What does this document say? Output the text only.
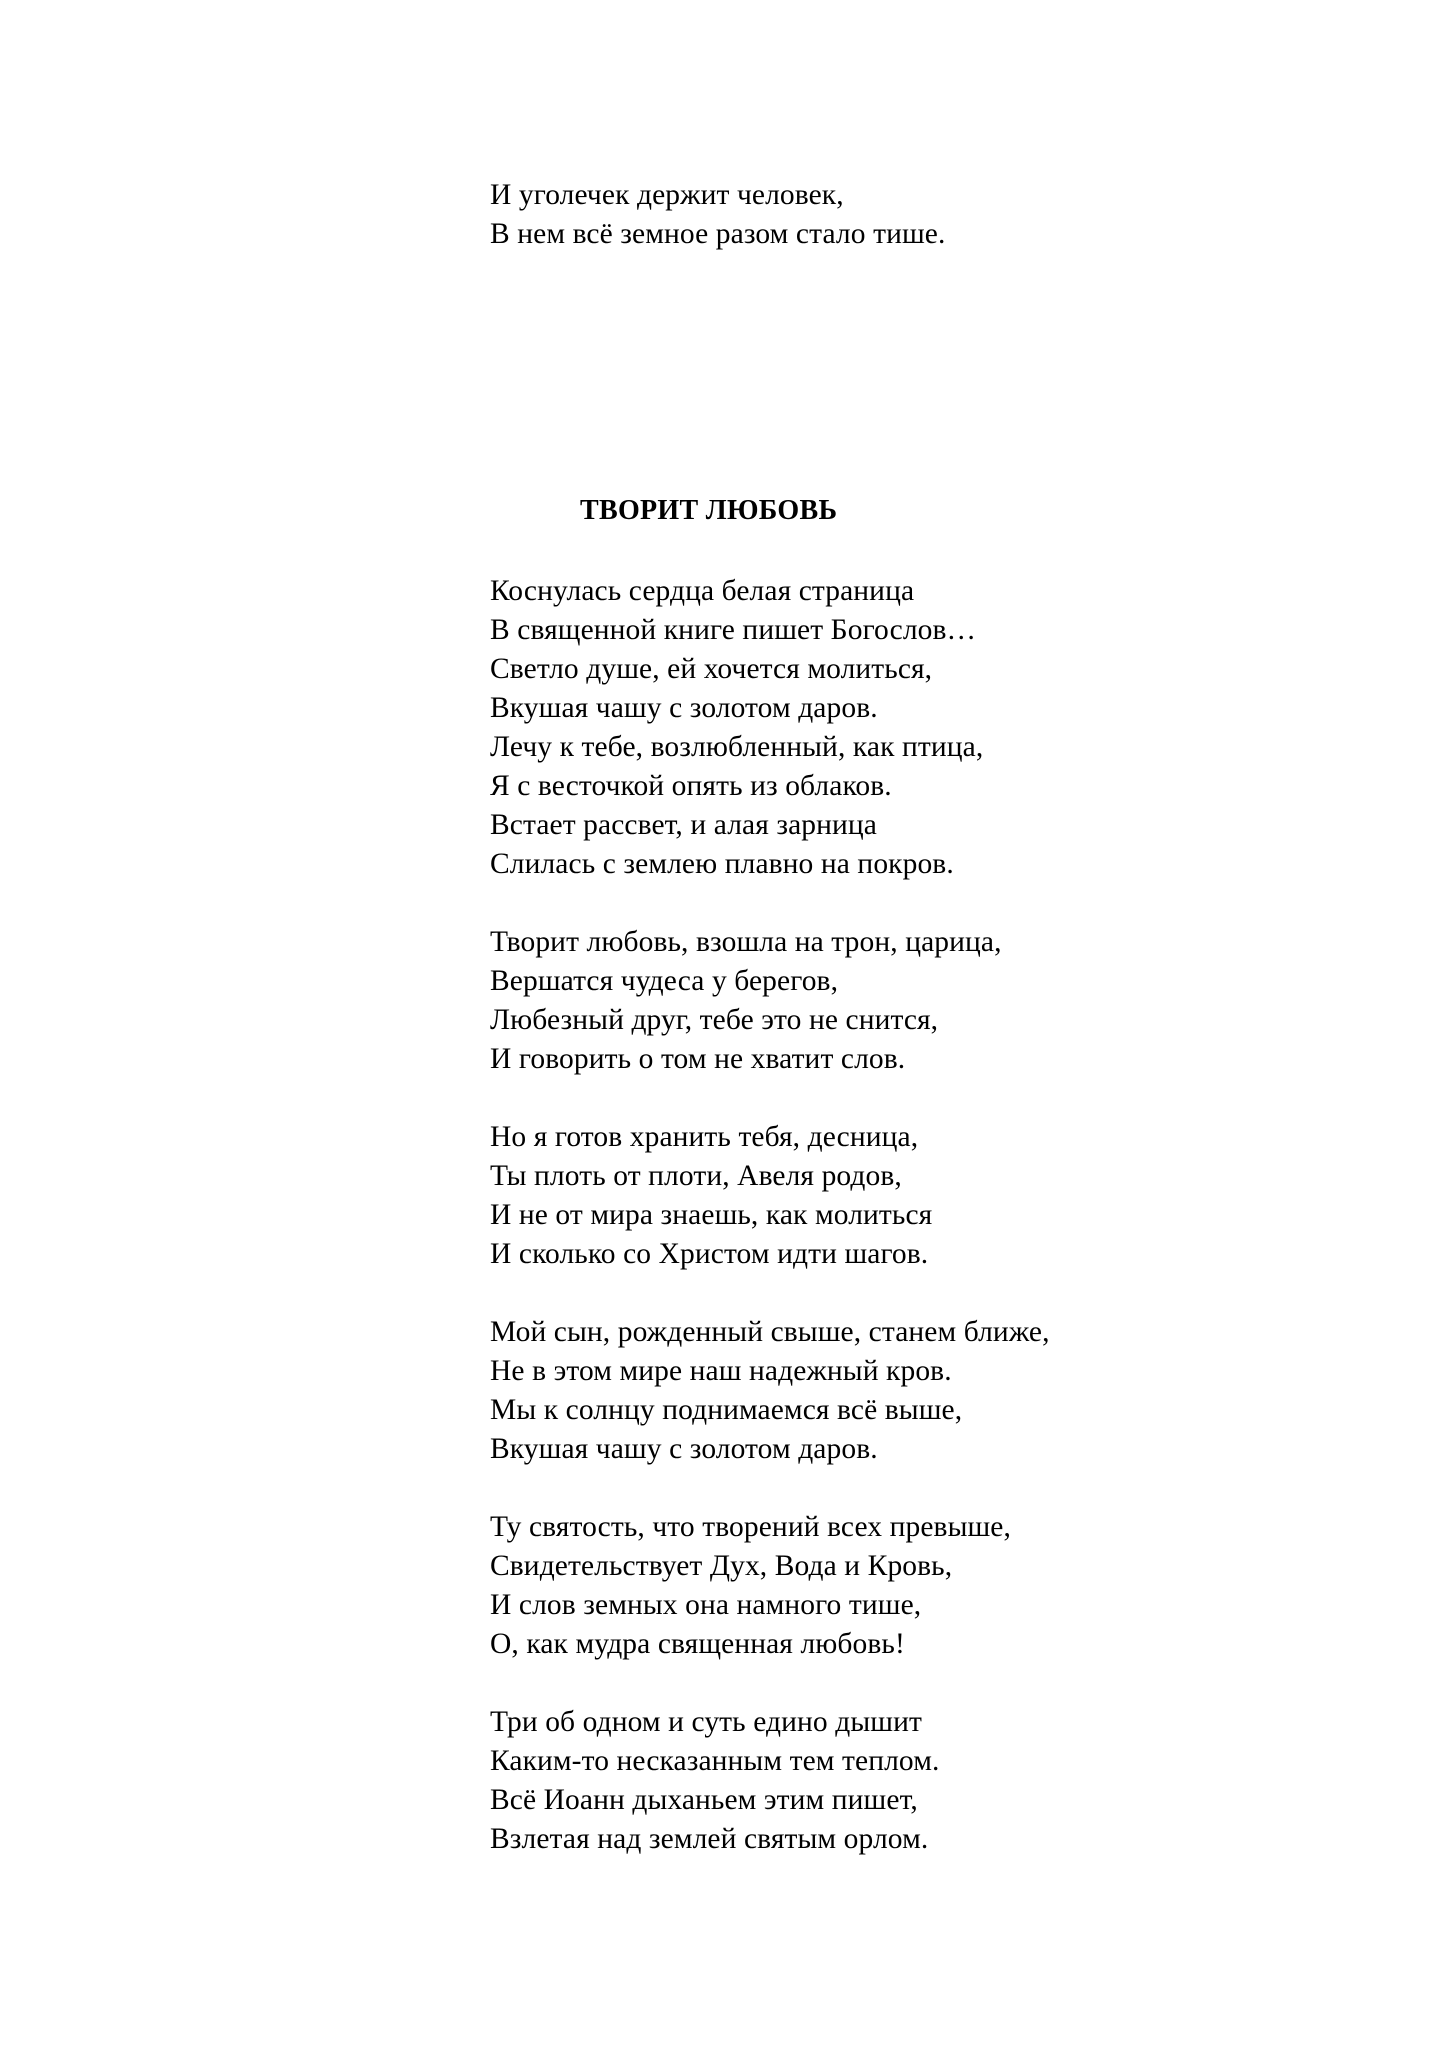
И уголечек держит человек,
В нем всё земное разом стало тише.
ТВОРИТ ЛЮБОВЬ
Коснулась сердца белая страница
В священной книге пишет Богослов…
Светло душе, ей хочется молиться,
Вкушая чашу с золотом даров.
Лечу к тебе, возлюбленный, как птица,
Я с весточкой опять из облаков.
Встает рассвет, и алая зарница
Слилась с землею плавно на покров.
Творит любовь, взошла на трон, царица,
Вершатся чудеса у берегов,
Любезный друг, тебе это не снится,
И говорить о том не хватит слов.
Но я готов хранить тебя, десница,
Ты плоть от плоти, Авеля родов,
И не от мира знаешь, как молиться
И сколько со Христом идти шагов.
Мой сын, рожденный свыше, станем ближе,
Не в этом мире наш надежный кров.
Мы к солнцу поднимаемся всё выше,
Вкушая чашу с золотом даров.
Ту святость, что творений всех превыше,
Свидетельствует Дух, Вода и Кровь,
И слов земных она намного тише,
О, как мудра священная любовь!
Три об одном и суть едино дышит
Каким-то несказанным тем теплом.
Всё Иоанн дыханьем этим пишет,
Взлетая над землей святым орлом.
